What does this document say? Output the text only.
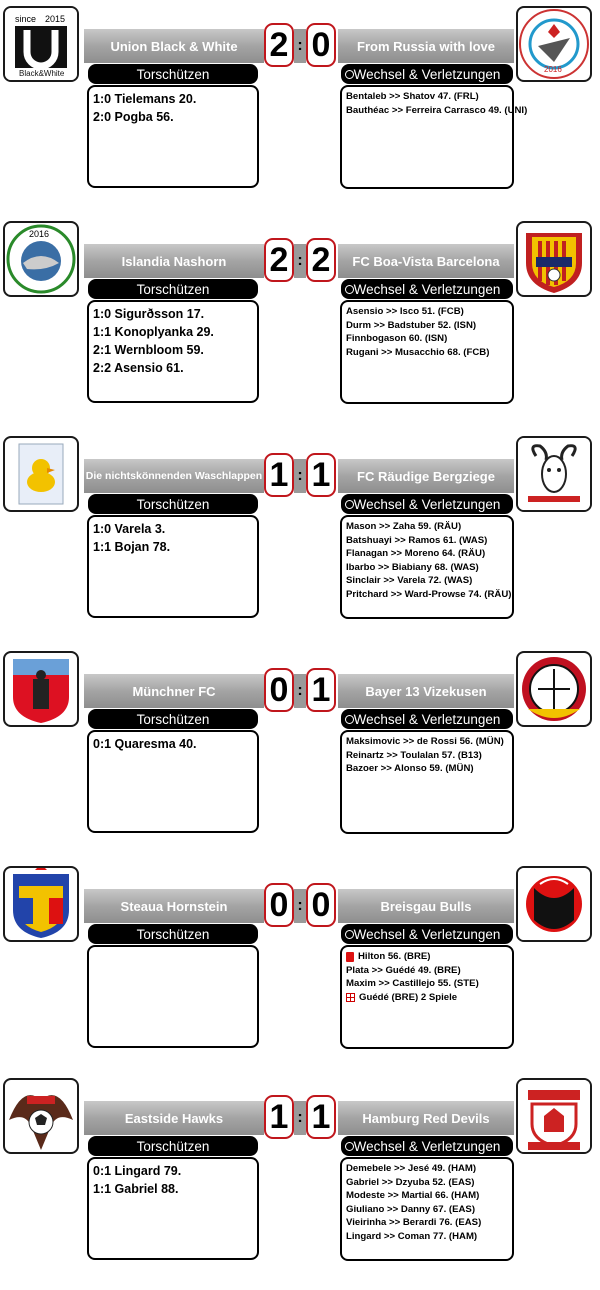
since 2015
Black&White	2016
Union Black & White	From Russia with love
2 : 0
Torschützen	Wechsel & Verletzungen
1:0 Tielemans 20.
2:0 Pogba 56.
Bentaleb >> Shatov 47. (FRL)
Bauthéac >> Ferreira Carrasco 49. (UNI)
2016
Islandia Nashorn	FC Boa-Vista Barcelona
2 : 2
Torschützen	Wechsel & Verletzungen
1:0 Sigurðsson 17.
1:1 Konoplyanka 29.
2:1 Wernbloom 59.
2:2 Asensio 61.
Asensio >> Isco 51. (FCB)
Durm >> Badstuber 52. (ISN)
Finnbogason 60. (ISN)
Rugani >> Musacchio 68. (FCB)
Die nichtskönnenden Waschlappen	FC Räudige Bergziege
1 : 1
Torschützen	Wechsel & Verletzungen
1:0 Varela 3.
1:1 Bojan 78.
Mason >> Zaha 59. (RÄU)
Batshuayi >> Ramos 61. (WAS)
Flanagan >> Moreno 64. (RÄU)
Ibarbo >> Biabiany 68. (WAS)
Sinclair >> Varela 72. (WAS)
Pritchard >> Ward-Prowse 74. (RÄU)
Münchner FC	Bayer 13 Vizekusen
0 : 1
Torschützen	Wechsel & Verletzungen
0:1 Quaresma 40.	Maksimovic >> de Rossi 56. (MÜN)
Reinartz >> Toulalan 57. (B13)
Bazoer >> Alonso 59. (MÜN)
Steaua Hornstein	Breisgau Bulls
0 : 0
Torschützen	Wechsel & Verletzungen
Hilton 56. (BRE)
Plata >> Guédé 49. (BRE)
Maxim >> Castillejo 55. (STE)
Guédé (BRE) 2 Spiele
Eastside Hawks	Hamburg Red Devils
1 : 1
Torschützen	Wechsel & Verletzungen
0:1 Lingard 79.
1:1 Gabriel 88.
Demebele >> Jesé 49. (HAM)
Gabriel >> Dzyuba 52. (EAS)
Modeste >> Martial 66. (HAM)
Giuliano >> Danny 67. (EAS)
Vieirinha >> Berardi 76. (EAS)
Lingard >> Coman 77. (HAM)
